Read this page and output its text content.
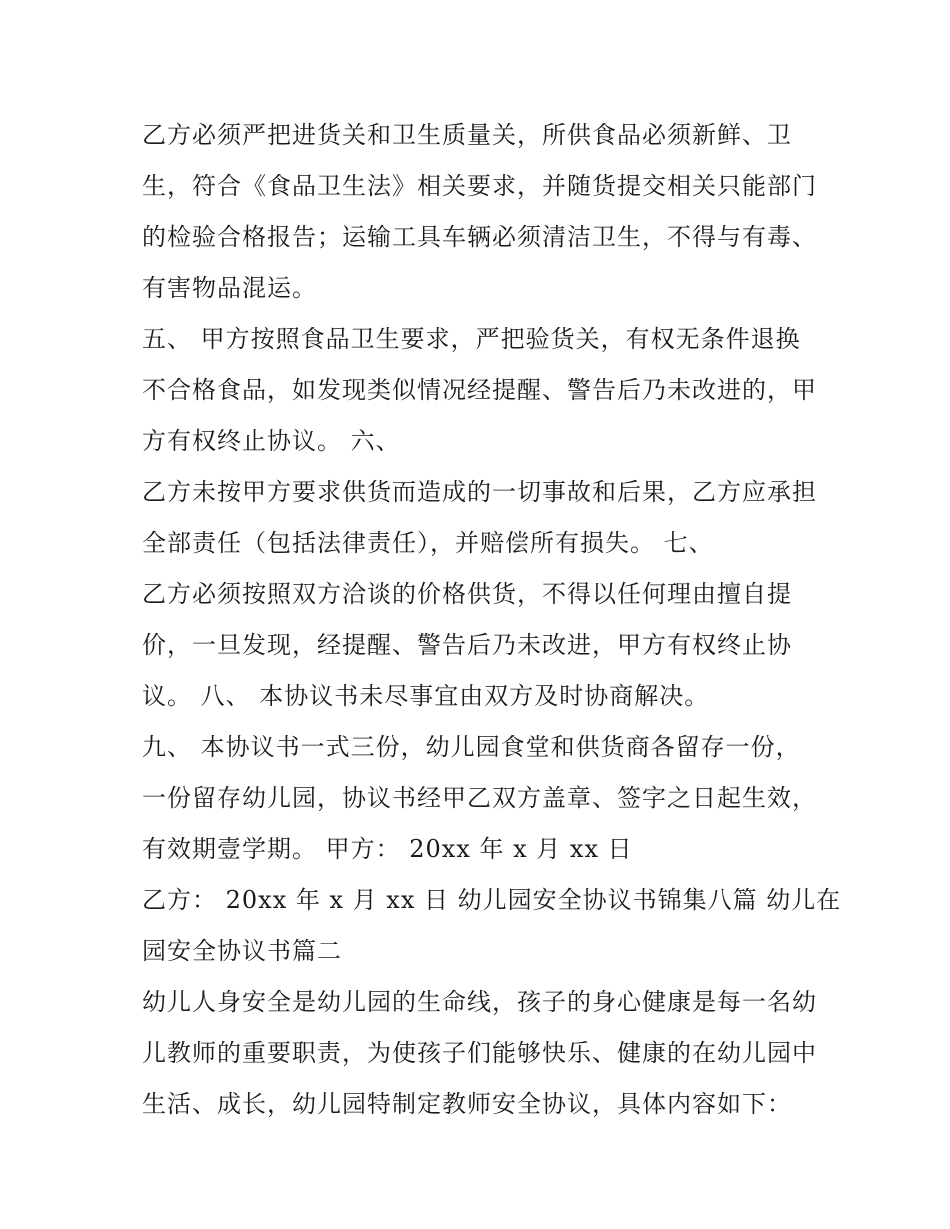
乙方必须严把进货关和卫生质量关，所供食品必须新鲜、卫
生，符合《食品卫生法》相关要求，并随货提交相关只能部门
的检验合格报告；运输工具车辆必须清洁卫生，不得与有毒、
有害物品混运。
五、 甲方按照食品卫生要求，严把验货关，有权无条件退换
不合格食品，如发现类似情况经提醒、警告后乃未改进的，甲
方有权终止协议。 六、
乙方未按甲方要求供货而造成的一切事故和后果，乙方应承担
全部责任（包括法律责任），并赔偿所有损失。 七、
乙方必须按照双方洽谈的价格供货，不得以任何理由擅自提
价，一旦发现，经提醒、警告后乃未改进，甲方有权终止协
议。 八、 本协议书未尽事宜由双方及时协商解决。
九、 本协议书一式三份，幼儿园食堂和供货商各留存一份，
一份留存幼儿园，协议书经甲乙双方盖章、签字之日起生效，
有效期壹学期。 甲方： 20xx 年 x 月 xx 日
乙方： 20xx 年 x 月 xx 日 幼儿园安全协议书锦集八篇 幼儿在
园安全协议书篇二
幼儿人身安全是幼儿园的生命线，孩子的身心健康是每一名幼
儿教师的重要职责，为使孩子们能够快乐、健康的在幼儿园中
生活、成长，幼儿园特制定教师安全协议，具体内容如下：
